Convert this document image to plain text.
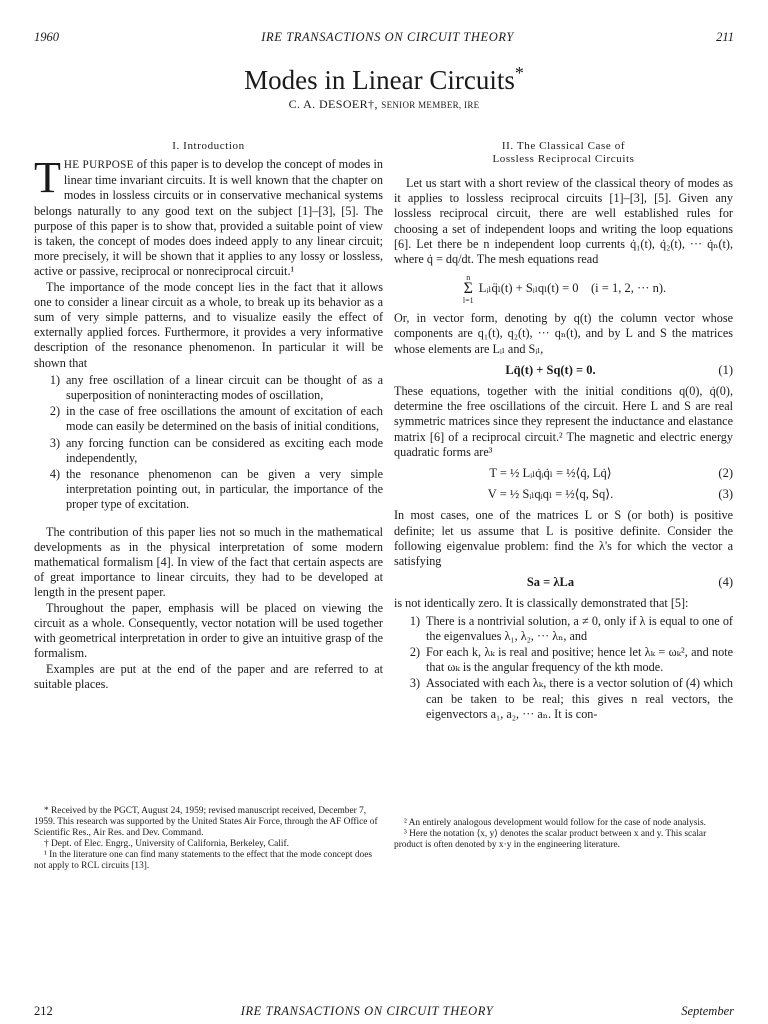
1960	IRE TRANSACTIONS ON CIRCUIT THEORY	211
Modes in Linear Circuits*
C. A. DESOER†, SENIOR MEMBER, IRE
I. Introduction

THE PURPOSE of this paper is to develop the concept of modes in linear time invariant circuits. It is well known that the chapter on modes in lossless circuits or in conservative mechanical systems belongs naturally to any good text on the subject [1]–[3], [5]. The purpose of this paper is to show that, provided a suitable point of view is taken, the concept of modes does indeed apply to any linear circuit; more precisely, it will be shown that it applies to any lossy or lossless, active or passive, reciprocal or nonreciprocal circuit.¹

The importance of the mode concept lies in the fact that it allows one to consider a linear circuit as a whole, to break up its behavior as a sum of very simple patterns, and to visualize easily the effect of externally applied forces. Furthermore, it provides a very informative description of the resonance phenomenon. In particular it will be shown that

1) any free oscillation of a linear circuit can be thought of as a superposition of noninteracting modes of oscillation,
2) in the case of free oscillations the amount of excitation of each mode can easily be determined on the basis of initial conditions,
3) any forcing function can be considered as exciting each mode independently,
4) the resonance phenomenon can be given a very simple interpretation pointing out, in particular, the importance of the proper type of excitation.

The contribution of this paper lies not so much in the mathematical developments as in the physical interpretation of some modern mathematical formalism [4]. In view of the fact that certain aspects are of great importance to linear circuits, they had to be developed at length in the present paper.

Throughout the paper, emphasis will be placed on viewing the circuit as a whole. Consequently, vector notation will be used together with geometrical interpretation in order to give an intuitive grasp of the formalism.

Examples are put at the end of the paper and are referred to at suitable places.

* Received by the PGCT, August 24, 1959; revised manuscript received, December 7, 1959. This research was supported by the United States Air Force, through the AF Office of Scientific Res., Air Res. and Dev. Command.

† Dept. of Elec. Engrg., University of California, Berkeley, Calif.

¹ In the literature one can find many statements to the effect that the mode concept does not apply to RCL circuits [13].

II. The Classical Case of
Lossless Reciprocal Circuits

Let us start with a short review of the classical theory of modes as it applies to lossless reciprocal circuits [1]–[3], [5]. Given any lossless reciprocal circuit, there are well established rules for choosing a set of independent loops and writing the loop equations [6]. Let there be n independent loop currents q̇₁(t), q̇₂(t), ··· q̇ₙ(t), where q̇ = dq/dt. The mesh equations read

n
Σ
l=1
Lᵢₗq̈ₗ(t) + Sᵢₗqₗ(t) = 0 (i = 1, 2, ··· n).

Or, in vector form, denoting by q(t) the column vector whose components are q₁(t), q₂(t), ··· qₙ(t), and by L and S the matrices whose elements are Lᵢₗ and Sᵢₗ,

Lq̈(t) + Sq(t) = 0.	(1)

These equations, together with the initial conditions q(0), q̇(0), determine the free oscillations of the circuit. Here L and S are real symmetric matrices since they represent the inductance and elastance matrix [6] of a reciprocal circuit.² The magnetic and electric energy quadratic forms are³

T = ½ Lᵢₗq̇ᵢq̇ₗ = ½⟨q̇, Lq̇⟩	(2)
V = ½ Sᵢₗqᵢqₗ = ½⟨q, Sq⟩.	(3)

In most cases, one of the matrices L or S (or both) is positive definite; let us assume that L is positive definite. Consider the following eigenvalue problem: find the λ's for which the vector a satisfying

Sa = λLa	(4)

is not identically zero. It is classically demonstrated that [5]:

1) There is a nontrivial solution, a ≠ 0, only if λ is equal to one of the eigenvalues λ₁, λ₂, ··· λₙ, and
2) For each k, λₖ is real and positive; hence let λₖ = ωₖ², and note that ωₖ is the angular frequency of the kth mode.
3) Associated with each λₖ, there is a vector solution of (4) which can be taken to be real; this gives n real vectors, the eigenvectors a₁, a₂, ··· aₙ. It is con-

² An entirely analogous development would follow for the case of node analysis.

³ Here the notation ⟨x, y⟩ denotes the scalar product between x and y. This scalar product is often denoted by x·y in the engineering literature.

212	IRE TRANSACTIONS ON CIRCUIT THEORY	September
